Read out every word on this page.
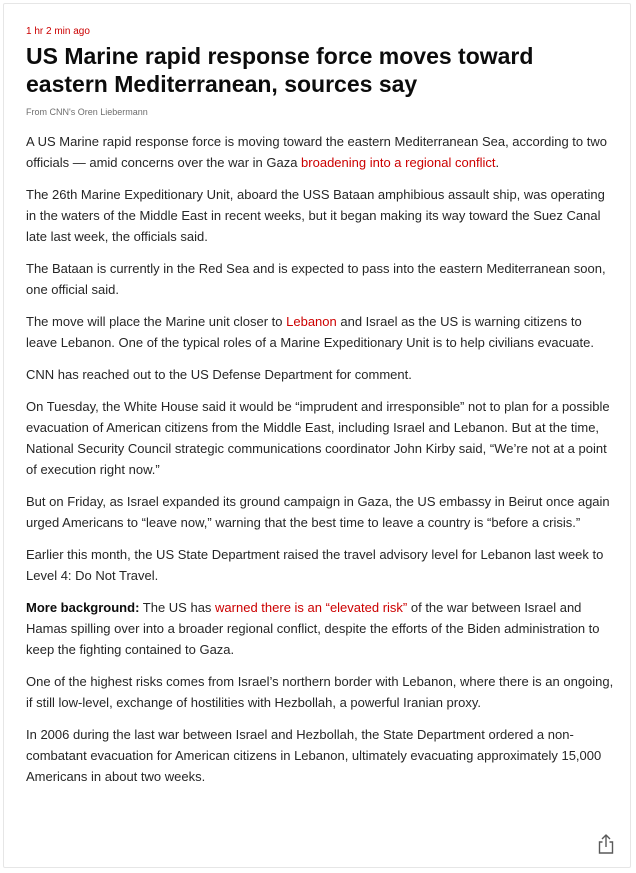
1 hr 2 min ago
US Marine rapid response force moves toward eastern Mediterranean, sources say
From CNN's Oren Liebermann

A US Marine rapid response force is moving toward the eastern Mediterranean Sea, according to two officials — amid concerns over the war in Gaza broadening into a regional conflict.

The 26th Marine Expeditionary Unit, aboard the USS Bataan amphibious assault ship, was operating in the waters of the Middle East in recent weeks, but it began making its way toward the Suez Canal late last week, the officials said.

The Bataan is currently in the Red Sea and is expected to pass into the eastern Mediterranean soon, one official said.

The move will place the Marine unit closer to Lebanon and Israel as the US is warning citizens to leave Lebanon. One of the typical roles of a Marine Expeditionary Unit is to help civilians evacuate.

CNN has reached out to the US Defense Department for comment.

On Tuesday, the White House said it would be “imprudent and irresponsible” not to plan for a possible evacuation of American citizens from the Middle East, including Israel and Lebanon. But at the time, National Security Council strategic communications coordinator John Kirby said, “We’re not at a point of execution right now.”

But on Friday, as Israel expanded its ground campaign in Gaza, the US embassy in Beirut once again urged Americans to “leave now,” warning that the best time to leave a country is “before a crisis.”

Earlier this month, the US State Department raised the travel advisory level for Lebanon last week to Level 4: Do Not Travel.

More background: The US has warned there is an “elevated risk” of the war between Israel and Hamas spilling over into a broader regional conflict, despite the efforts of the Biden administration to keep the fighting contained to Gaza.

One of the highest risks comes from Israel’s northern border with Lebanon, where there is an ongoing, if still low-level, exchange of hostilities with Hezbollah, a powerful Iranian proxy.

In 2006 during the last war between Israel and Hezbollah, the State Department ordered a non-combatant evacuation for American citizens in Lebanon, ultimately evacuating approximately 15,000 Americans in about two weeks.
